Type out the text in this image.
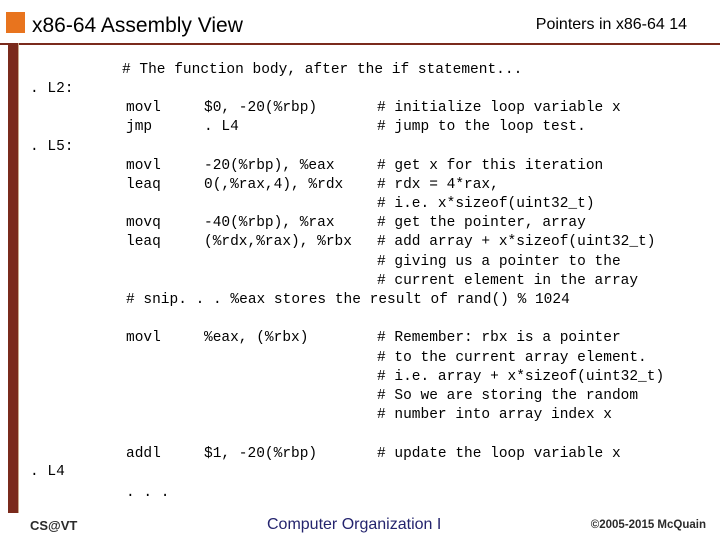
x86-64 Assembly View	Pointers in x86-64 14
# The function body, after the if statement...
. L2:
movl	$0, -20(%rbp)	# initialize loop variable x
jmp	. L4	# jump to the loop test.
. L5:
movl	-20(%rbp), %eax	# get x for this iteration
leaq	0(,%rax,4), %rdx # rdx = 4*rax,
# i.e. x*sizeof(uint32_t)
movq	-40(%rbp), %rax	# get the pointer, array
leaq	(%rdx,%rax), %rbx # add array + x*sizeof(uint32_t)
# giving us a pointer to the
# current element in the array
# snip. . . %eax stores the result of rand() % 1024
movl	%eax, (%rbx)	# Remember: rbx is a pointer
# to the current array element.
# i.e. array + x*sizeof(uint32_t)
# So we are storing the random
# number into array index x
addl	$1, -20(%rbp)	# update the loop variable x
. L4
. . .
CS@VT	Computer Organization I	©2005-2015 McQuain
